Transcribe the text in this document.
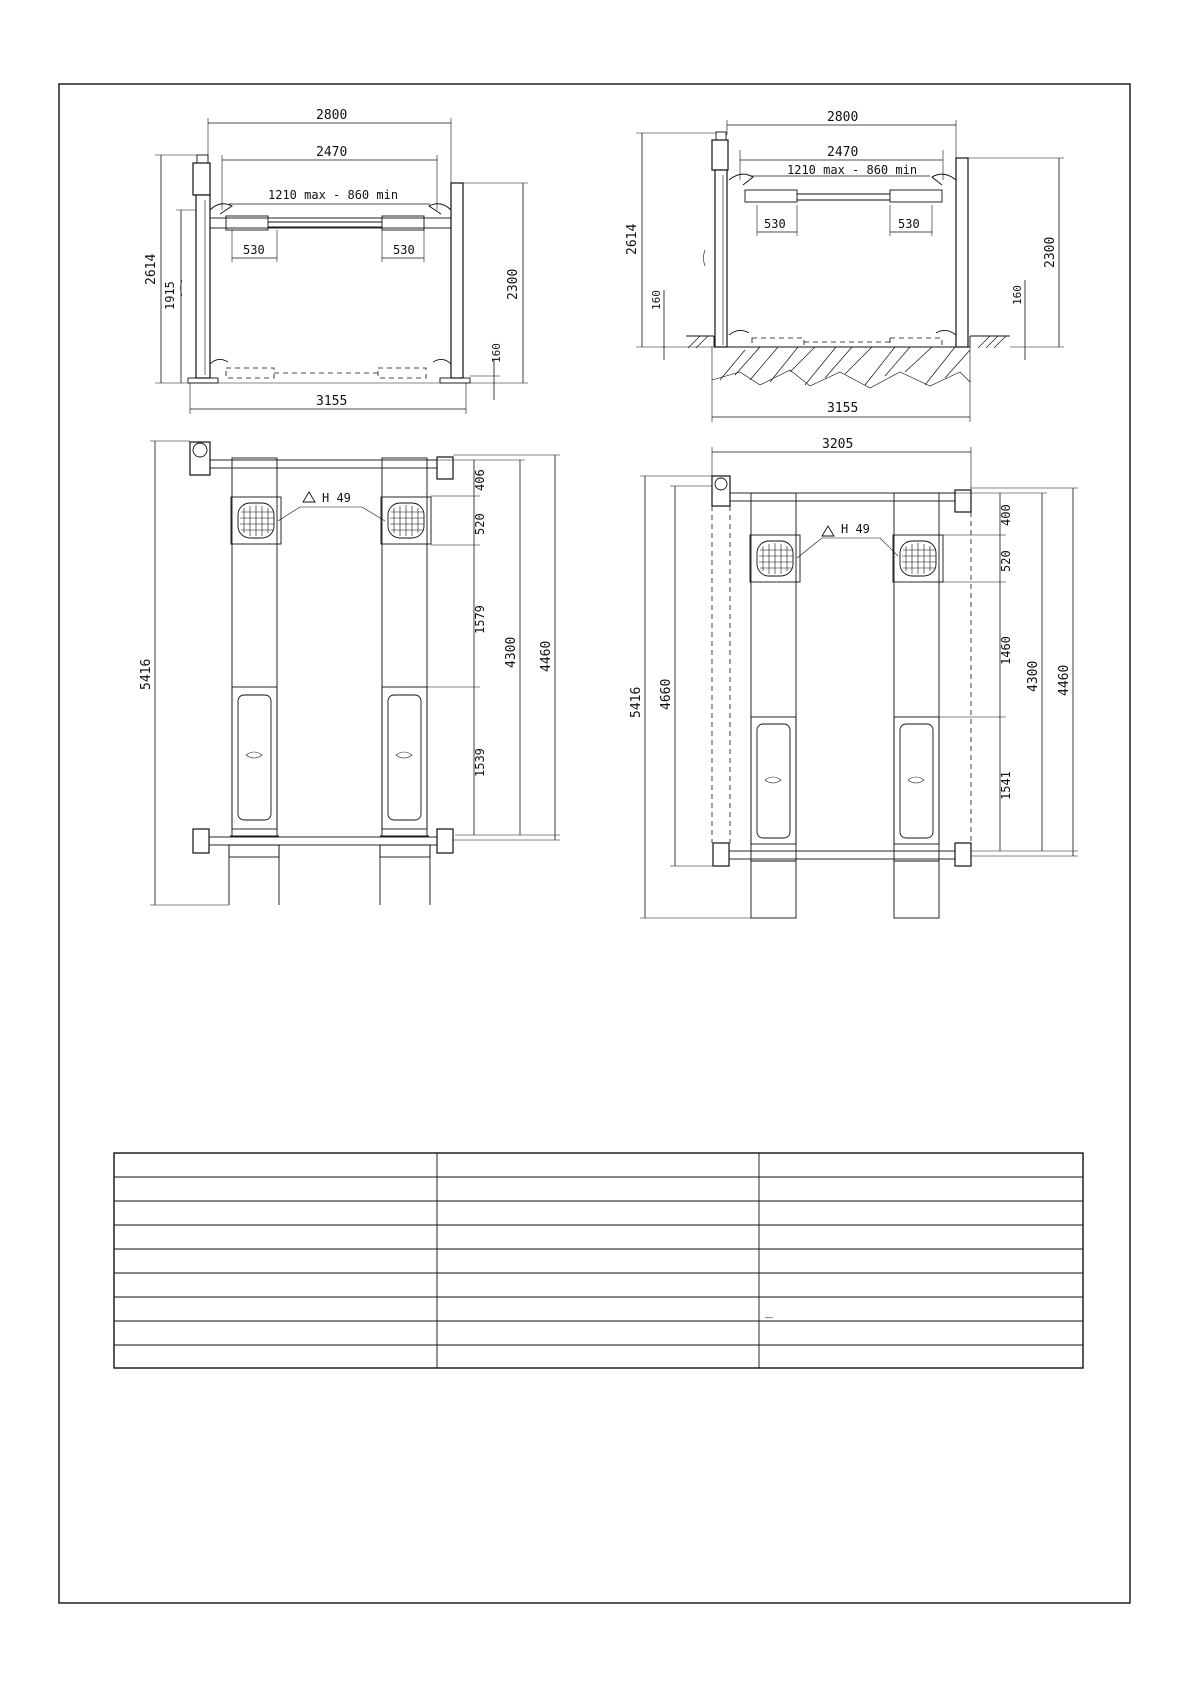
2800
2470
1210 max - 860 min
530	530
2614
1915	2300
160
3155
2800
2470
1210 max - 860 min
530	530
2614
160	160
2300
3155
H 49
5416
406
520
1579
1539
4300 4460
H 49
3205
5416 4660
400
520
1460
1541
4300 4460
_
